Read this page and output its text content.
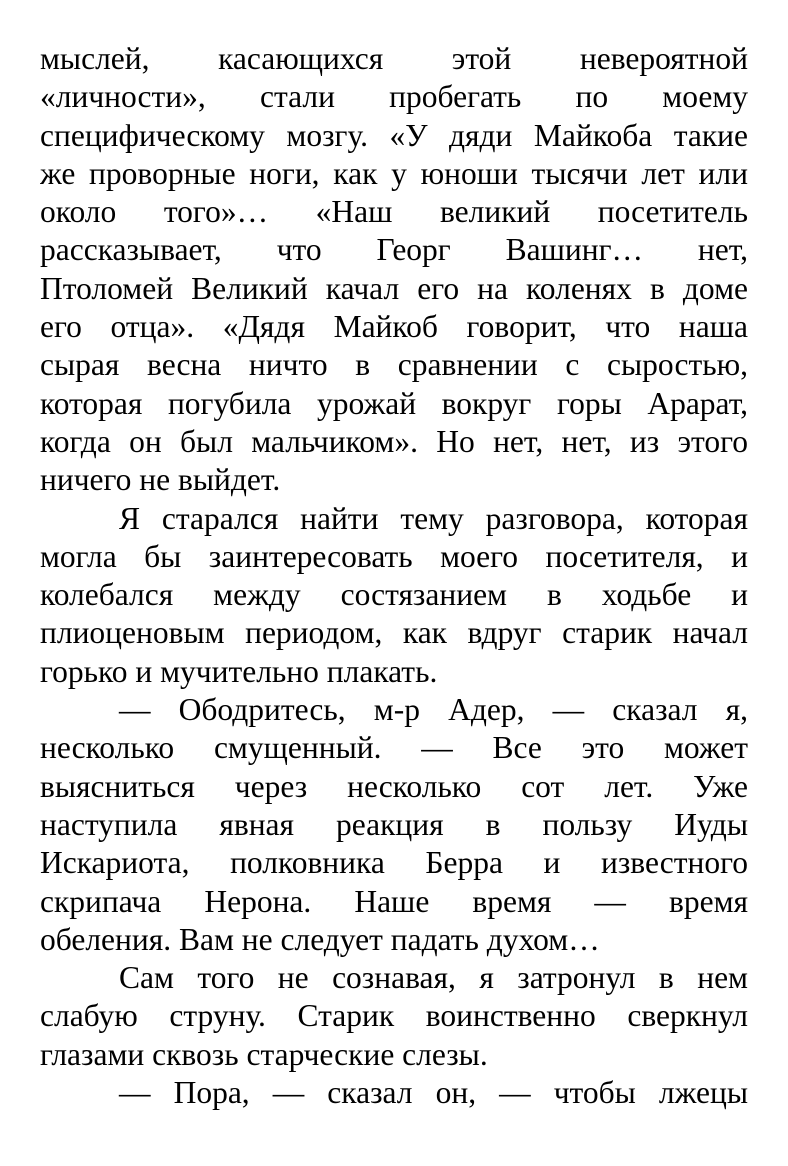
мыслей, касающихся этой невероятной
«личности», стали пробегать по моему
специфическому мозгу. «У дяди Майкоба такие
же проворные ноги, как у юноши тысячи лет или
около того»… «Наш великий посетитель
рассказывает, что Георг Вашинг… нет,
Птоломей Великий качал его на коленях в доме
его отца». «Дядя Майкоб говорит, что наша
сырая весна ничто в сравнении с сыростью,
которая погубила урожай вокруг горы Арарат,
когда он был мальчиком». Но нет, нет, из этого
ничего не выйдет.
Я старался найти тему разговора, которая
могла бы заинтересовать моего посетителя, и
колебался между состязанием в ходьбе и
плиоценовым периодом, как вдруг старик начал
горько и мучительно плакать.
— Ободритесь, м-р Адер, — сказал я,
несколько смущенный. — Все это может
выясниться через несколько сот лет. Уже
наступила явная реакция в пользу Иуды
Искариота, полковника Берра и известного
скрипача Нерона. Наше время — время
обеления. Вам не следует падать духом…
Сам того не сознавая, я затронул в нем
слабую струну. Старик воинственно сверкнул
глазами сквозь старческие слезы.
— Пора, — сказал он, — чтобы лжецы
